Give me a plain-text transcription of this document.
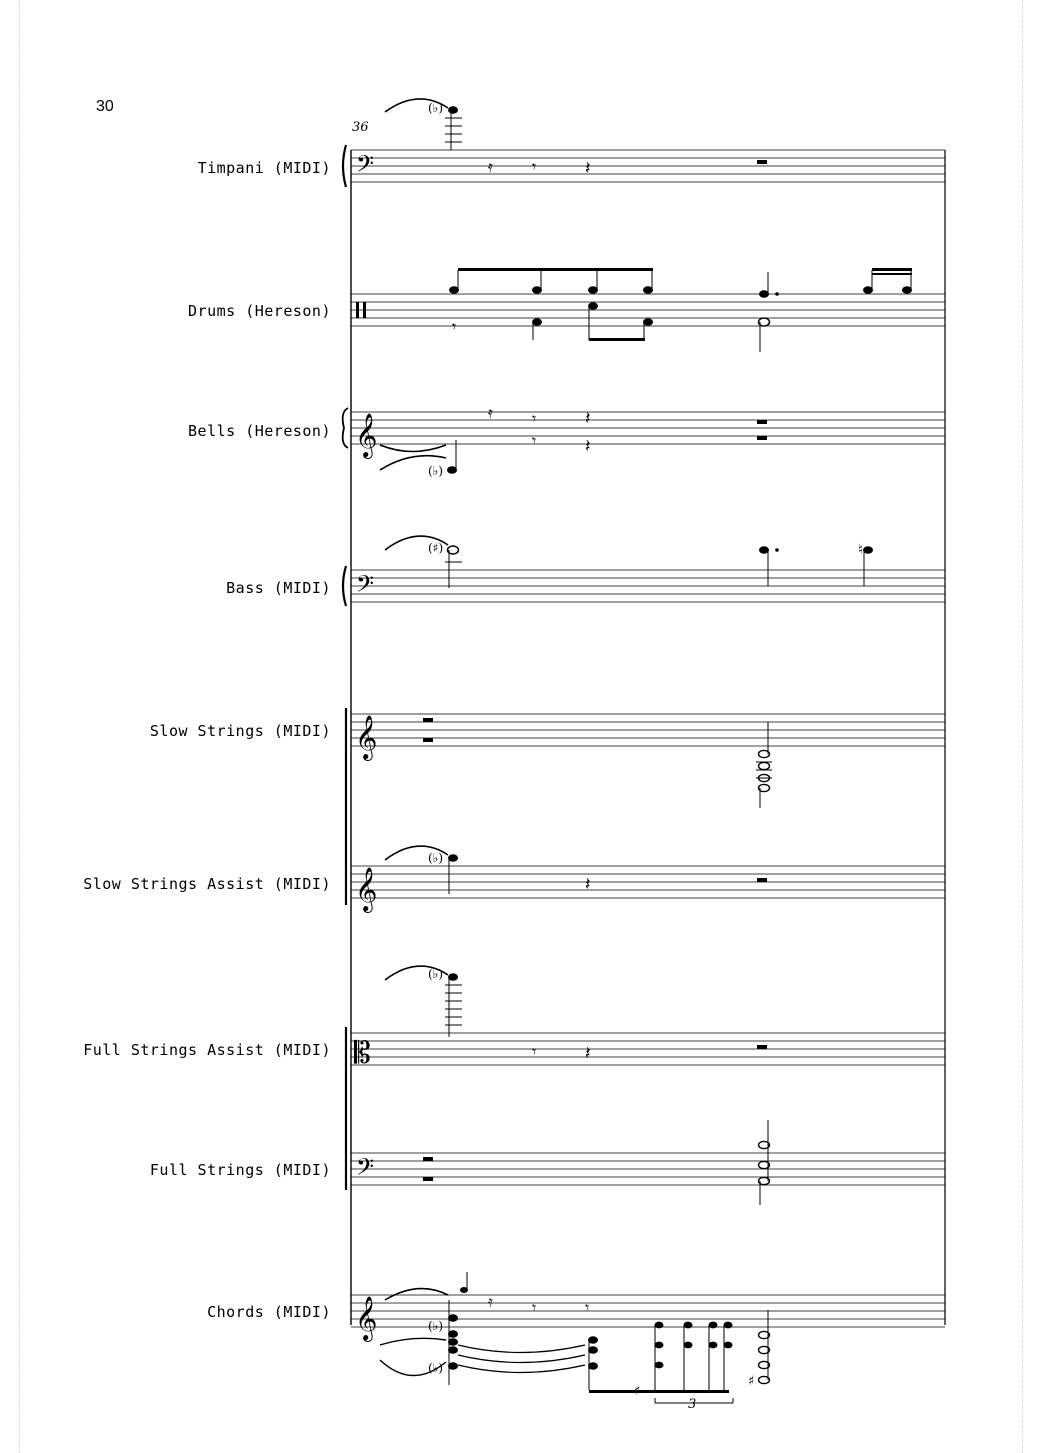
30
Timpani (MIDI)
Drums (Hereson)
Bells (Hereson)
Bass (MIDI)
Slow Strings (MIDI)
Slow Strings Assist (MIDI)
Full Strings Assist (MIDI)
Full Strings (MIDI)
Chords (MIDI)
𝄢
36
(♭)
𝄿 𝄾	𝄽
𝄾
𝄞
(♭)
𝄿 𝄾
𝄾
𝄽
𝄽
𝄢
(♯)	♮
𝄞
𝄞
(♭)
𝄽
𝄡
(♭)
𝄾	𝄽
𝄢
𝄞	(♭)
(♭)
𝄿 𝄾	𝄾
3
♯
